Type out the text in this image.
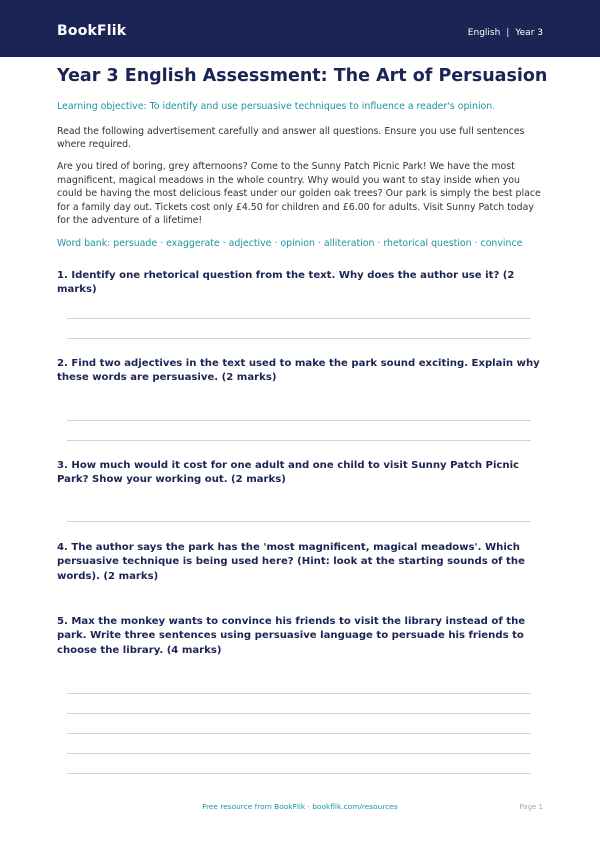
BookFlik	English | Year 3
Year 3 English Assessment: The Art of Persuasion
Learning objective: To identify and use persuasive techniques to influence a reader's opinion.
Read the following advertisement carefully and answer all questions. Ensure you use full sentences where required.
Are you tired of boring, grey afternoons? Come to the Sunny Patch Picnic Park! We have the most magnificent, magical meadows in the whole country. Why would you want to stay inside when you could be having the most delicious feast under our golden oak trees? Our park is simply the best place for a family day out. Tickets cost only £4.50 for children and £6.00 for adults. Visit Sunny Patch today for the adventure of a lifetime!
Word bank: persuade · exaggerate · adjective · opinion · alliteration · rhetorical question · convince
1. Identify one rhetorical question from the text. Why does the author use it? (2 marks)
2. Find two adjectives in the text used to make the park sound exciting. Explain why these words are persuasive. (2 marks)
3. How much would it cost for one adult and one child to visit Sunny Patch Picnic Park? Show your working out. (2 marks)
4. The author says the park has the 'most magnificent, magical meadows'. Which persuasive technique is being used here? (Hint: look at the starting sounds of the words). (2 marks)
5. Max the monkey wants to convince his friends to visit the library instead of the park. Write three sentences using persuasive language to persuade his friends to choose the library. (4 marks)
Free resource from BookFlik · bookflik.com/resources	Page 1
